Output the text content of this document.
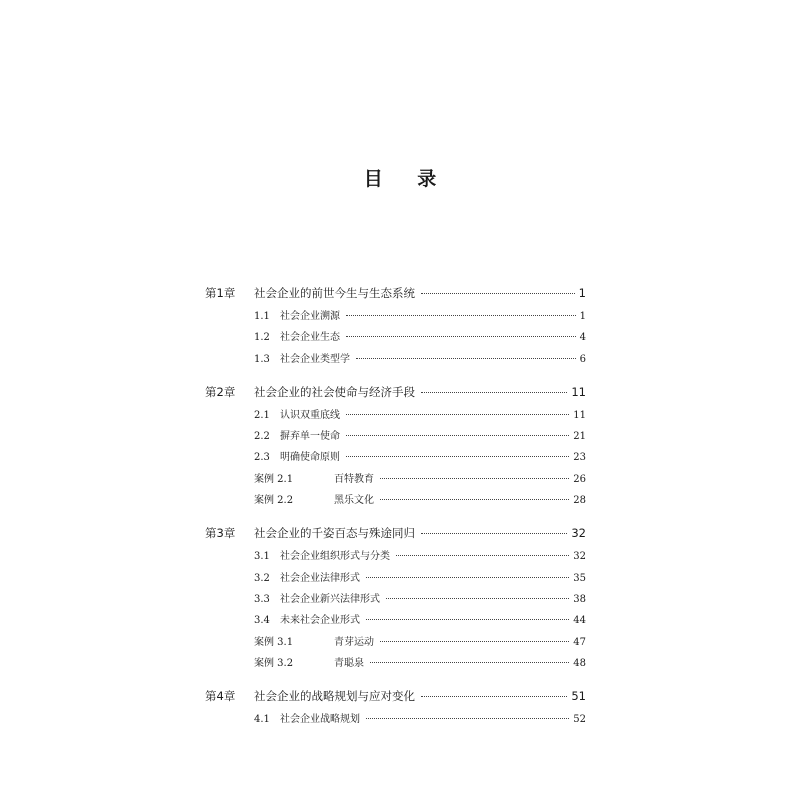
目 录
第1章	社会企业的前世今生与生态系统	1
1.1	社会企业溯源	1
1.2	社会企业生态	4
1.3	社会企业类型学	6
第2章	社会企业的社会使命与经济手段	11
2.1	认识双重底线	11
2.2	摒弃单一使命	21
2.3	明确使命原则	23
案例 2.1	百特教育	26
案例 2.2	黑乐文化	28
第3章	社会企业的千姿百态与殊途同归	32
3.1	社会企业组织形式与分类	32
3.2	社会企业法律形式	35
3.3	社会企业新兴法律形式	38
3.4	未来社会企业形式	44
案例 3.1	青芽运动	47
案例 3.2	青聪泉	48
第4章	社会企业的战略规划与应对变化	51
4.1	社会企业战略规划	52
